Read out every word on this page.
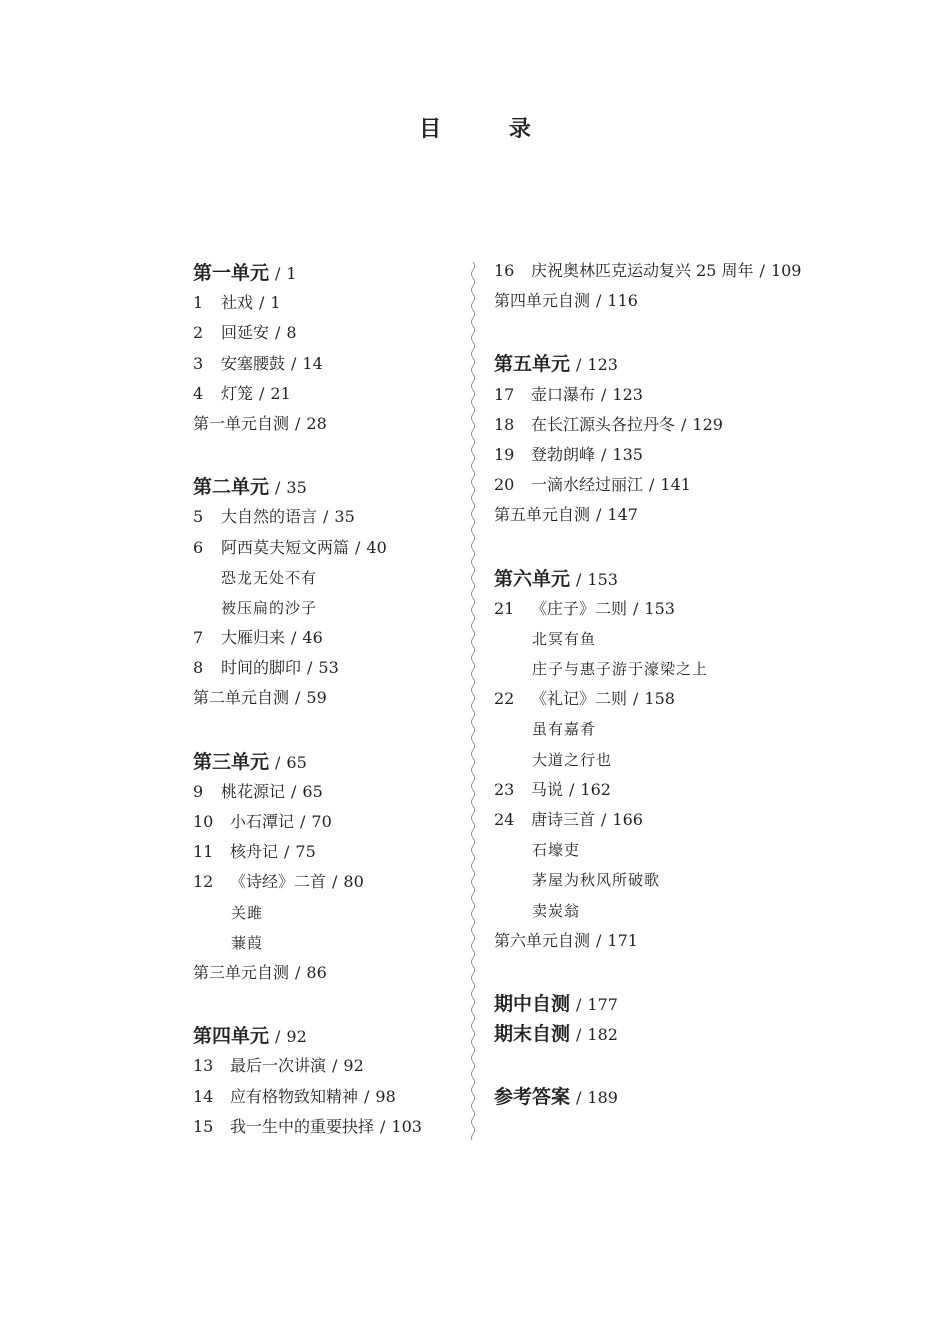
目 录
第一单元 / 1
1 社戏 / 1
2 回延安 / 8
3 安塞腰鼓 / 14
4 灯笼 / 21
第一单元自测 / 28
第二单元 / 35
5 大自然的语言 / 35
6 阿西莫夫短文两篇 / 40
恐龙无处不有
被压扁的沙子
7 大雁归来 / 46
8 时间的脚印 / 53
第二单元自测 / 59
第三单元 / 65
9 桃花源记 / 65
10 小石潭记 / 70
11 核舟记 / 75
12 《诗经》二首 / 80
关雎
蒹葭
第三单元自测 / 86
第四单元 / 92
13 最后一次讲演 / 92
14 应有格物致知精神 / 98
15 我一生中的重要抉择 / 103
16 庆祝奥林匹克运动复兴 25 周年 / 109
第四单元自测 / 116
第五单元 / 123
17 壶口瀑布 / 123
18 在长江源头各拉丹冬 / 129
19 登勃朗峰 / 135
20 一滴水经过丽江 / 141
第五单元自测 / 147
第六单元 / 153
21 《庄子》二则 / 153
北冥有鱼
庄子与惠子游于濠梁之上
22 《礼记》二则 / 158
虽有嘉肴
大道之行也
23 马说 / 162
24 唐诗三首 / 166
石壕吏
茅屋为秋风所破歌
卖炭翁
第六单元自测 / 171
期中自测 / 177
期末自测 / 182
参考答案 / 189
